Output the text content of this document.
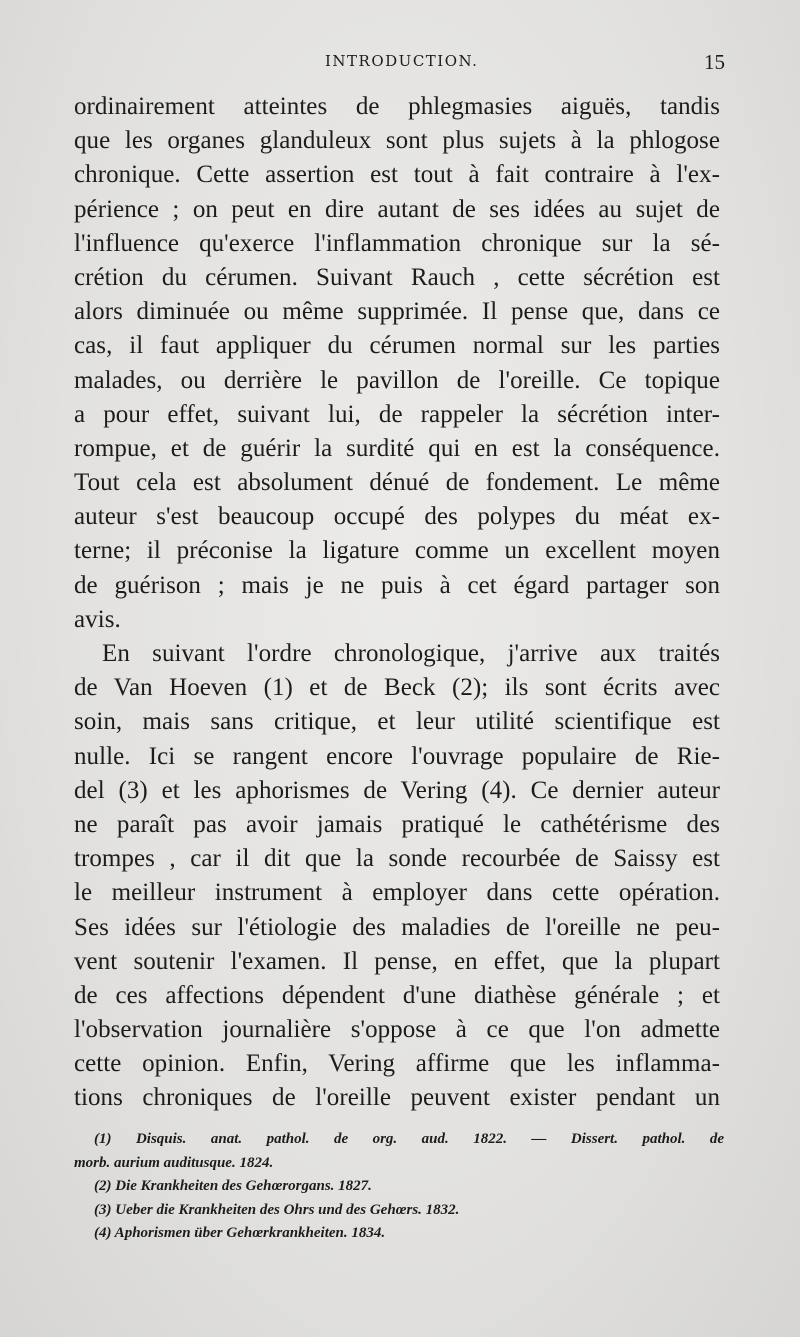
INTRODUCTION.	15
ordinairement atteintes de phlegmasies aiguës, tandis
que les organes glanduleux sont plus sujets à la phlogose
chronique. Cette assertion est tout à fait contraire à l'ex-
périence ; on peut en dire autant de ses idées au sujet de
l'influence qu'exerce l'inflammation chronique sur la sé-
crétion du cérumen. Suivant Rauch , cette sécrétion est
alors diminuée ou même supprimée. Il pense que, dans ce
cas, il faut appliquer du cérumen normal sur les parties
malades, ou derrière le pavillon de l'oreille. Ce topique
a pour effet, suivant lui, de rappeler la sécrétion inter-
rompue, et de guérir la surdité qui en est la conséquence.
Tout cela est absolument dénué de fondement. Le même
auteur s'est beaucoup occupé des polypes du méat ex-
terne; il préconise la ligature comme un excellent moyen
de guérison ; mais je ne puis à cet égard partager son
avis.
En suivant l'ordre chronologique, j'arrive aux traités
de Van Hoeven (1) et de Beck (2); ils sont écrits avec
soin, mais sans critique, et leur utilité scientifique est
nulle. Ici se rangent encore l'ouvrage populaire de Rie-
del (3) et les aphorismes de Vering (4). Ce dernier auteur
ne paraît pas avoir jamais pratiqué le cathétérisme des
trompes , car il dit que la sonde recourbée de Saissy est
le meilleur instrument à employer dans cette opération.
Ses idées sur l'étiologie des maladies de l'oreille ne peu-
vent soutenir l'examen. Il pense, en effet, que la plupart
de ces affections dépendent d'une diathèse générale ; et
l'observation journalière s'oppose à ce que l'on admette
cette opinion. Enfin, Vering affirme que les inflamma-
tions chroniques de l'oreille peuvent exister pendant un
(1) Disquis. anat. pathol. de org. aud. 1822. — Dissert. pathol. de
morb. aurium auditusque. 1824.
(2) Die Krankheiten des Gehœrorgans. 1827.
(3) Ueber die Krankheiten des Ohrs und des Gehœrs. 1832.
(4) Aphorismen über Gehœrkrankheiten. 1834.
